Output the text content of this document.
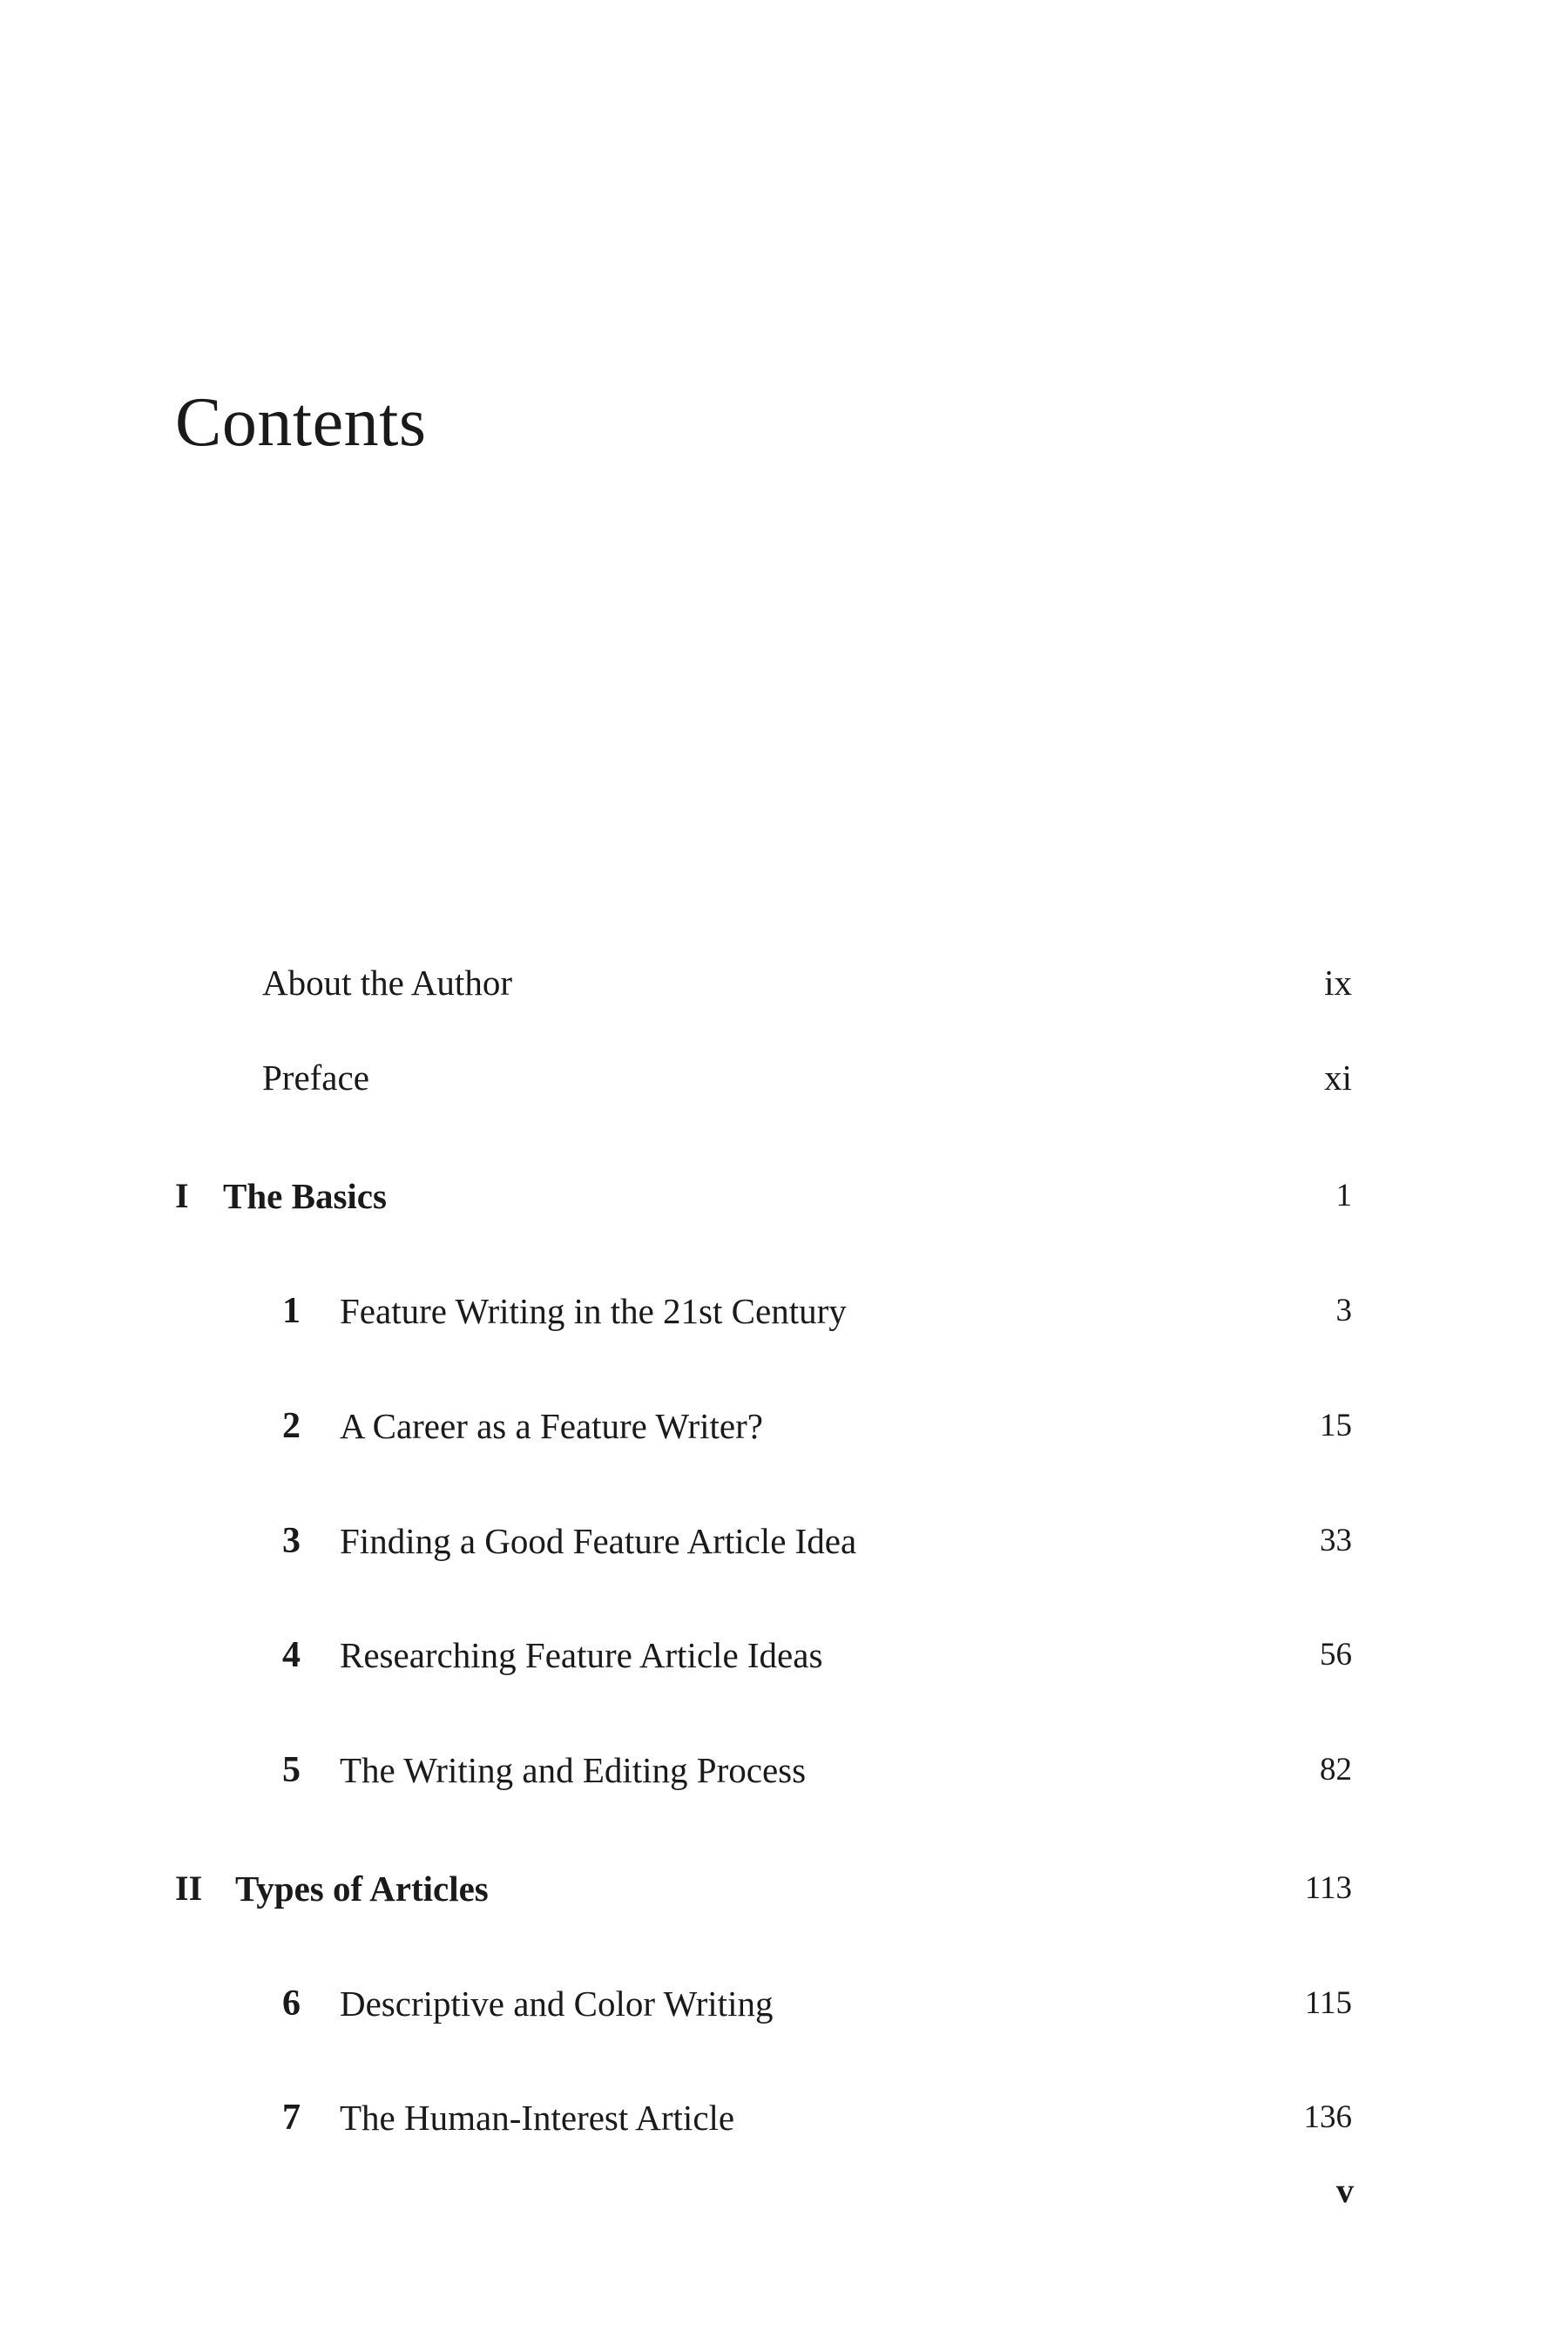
Contents
About the Author	ix
Preface	xi
I The Basics	1
1 Feature Writing in the 21st Century	3
2 A Career as a Feature Writer?	15
3 Finding a Good Feature Article Idea	33
4 Researching Feature Article Ideas	56
5 The Writing and Editing Process	82
II Types of Articles	113
6 Descriptive and Color Writing	115
7 The Human-Interest Article	136
v
